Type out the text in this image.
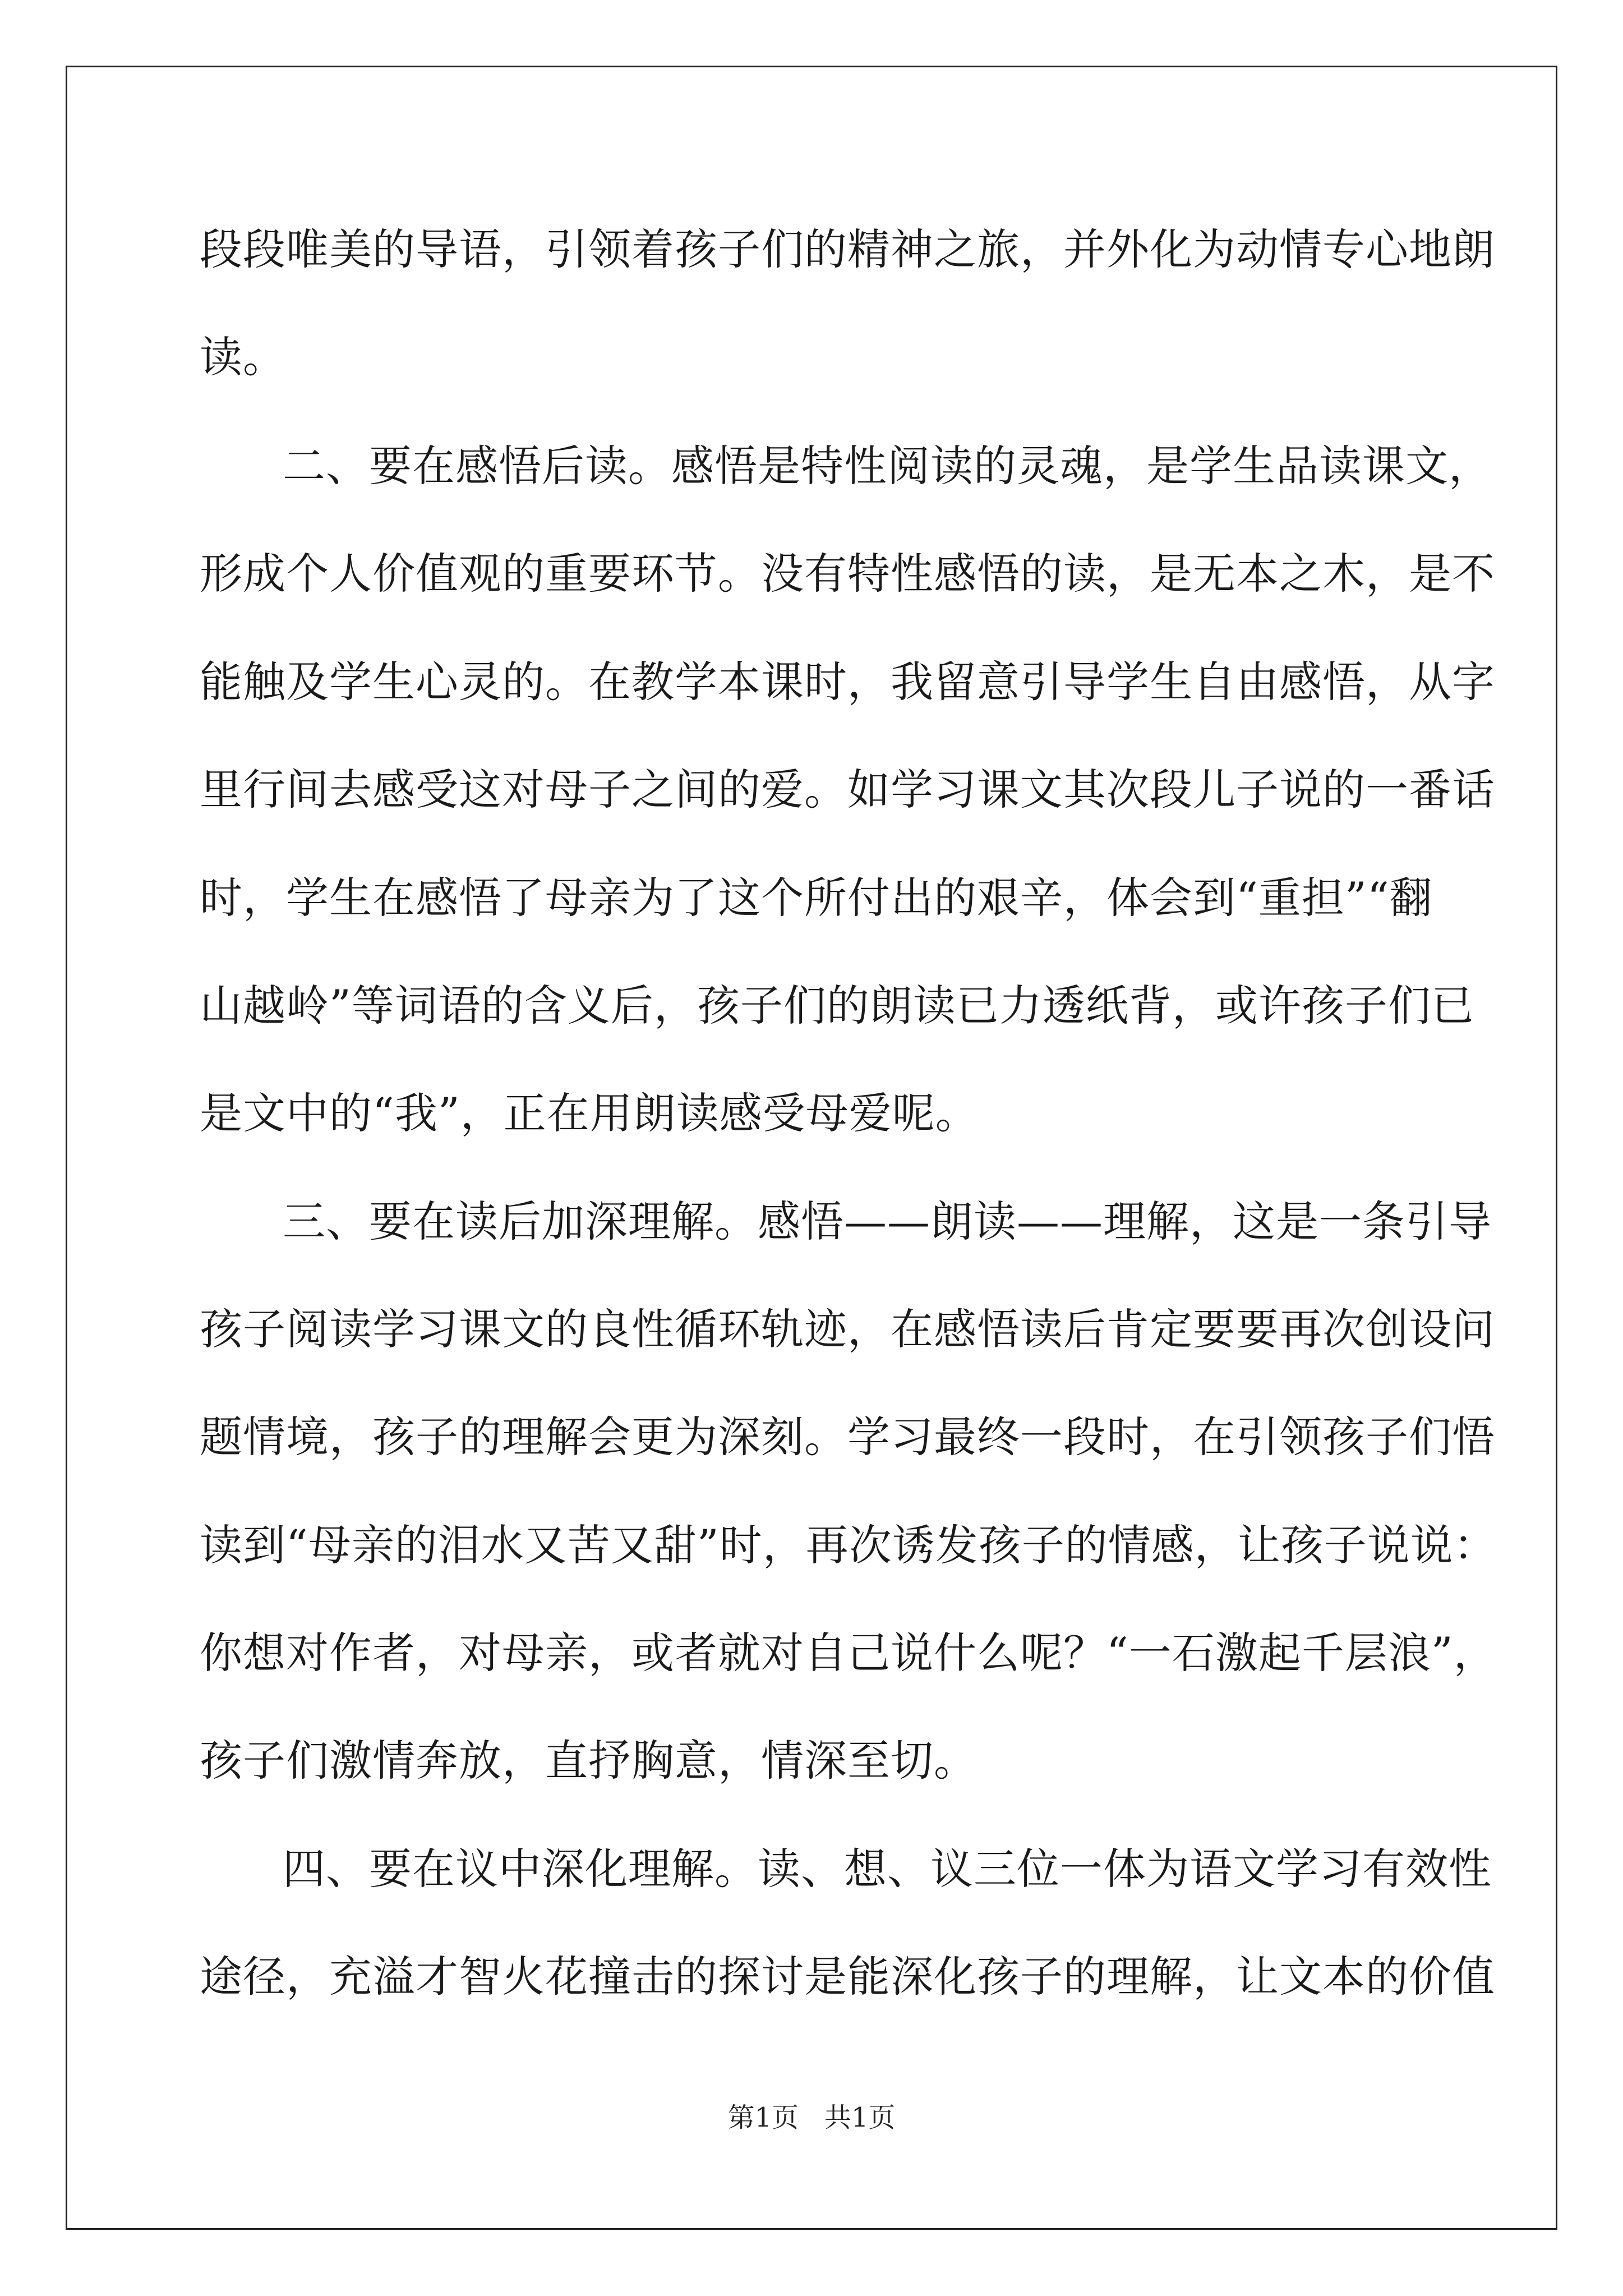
段段唯美的导语，引领着孩子们的精神之旅，并外化为动情专心地朗
读。
二、要在感悟后读。感悟是特性阅读的灵魂，是学生品读课文，
形成个人价值观的重要环节。没有特性感悟的读，是无本之木，是不
能触及学生心灵的。在教学本课时，我留意引导学生自由感悟，从字
里行间去感受这对母子之间的爱。如学习课文其次段儿子说的一番话
时，学生在感悟了母亲为了这个所付出的艰辛，体会到“重担”“翻
山越岭”等词语的含义后，孩子们的朗读已力透纸背，或许孩子们已
是文中的“我”，正在用朗读感受母爱呢。
三、要在读后加深理解。感悟——朗读——理解，这是一条引导
孩子阅读学习课文的良性循环轨迹，在感悟读后肯定要要再次创设问
题情境，孩子的理解会更为深刻。学习最终一段时，在引领孩子们悟
读到“母亲的泪水又苦又甜”时，再次诱发孩子的情感，让孩子说说：
你想对作者，对母亲，或者就对自己说什么呢？“一石激起千层浪”，
孩子们激情奔放，直抒胸意，情深至切。
四、要在议中深化理解。读、想、议三位一体为语文学习有效性
途径，充溢才智火花撞击的探讨是能深化孩子的理解，让文本的价值
第1页   共1页
